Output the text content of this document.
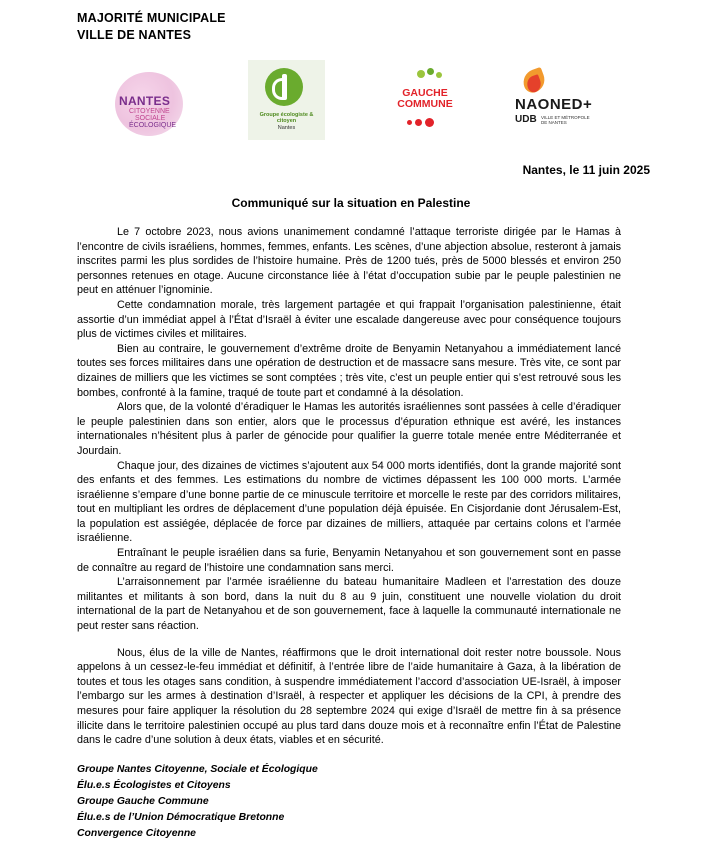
MAJORITÉ MUNICIPALE
VILLE DE NANTES
NANTES
CITOYENNE
SOCIALE
ÉCOLOGIQUE
Groupe écologiste & citoyen
Nantes
GAUCHE COMMUNE	NAONED+
UDB VILLE ET MÉTROPOLE DE NANTES
Nantes, le 11 juin 2025
Communiqué sur la situation en Palestine

Le 7 octobre 2023, nous avions unanimement condamné l’attaque terroriste dirigée par le Hamas à l’encontre de civils israéliens, hommes, femmes, enfants. Les scènes, d’une abjection absolue, resteront à jamais inscrites parmi les plus sordides de l’histoire humaine. Près de 1200 tués, près de 5000 blessés et environ 250 personnes retenues en otage. Aucune circonstance liée à l’état d’occupation subie par le peuple palestinien ne peut en atténuer l’ignominie.

Cette condamnation morale, très largement partagée et qui frappait l’organisation palestinienne, était assortie d’un immédiat appel à l’État d’Israël à éviter une escalade dangereuse avec pour conséquence toujours plus de victimes civiles et militaires.

Bien au contraire, le gouvernement d’extrême droite de Benyamin Netanyahou a immédiatement lancé toutes ses forces militaires dans une opération de destruction et de massacre sans mesure. Très vite, ce sont par dizaines de milliers que les victimes se sont comptées ; très vite, c’est un peuple entier qui s’est retrouvé sous les bombes, confronté à la famine, traqué de toute part et condamné à la désolation.

Alors que, de la volonté d’éradiquer le Hamas les autorités israéliennes sont passées à celle d’éradiquer le peuple palestinien dans son entier, alors que le processus d’épuration ethnique est avéré, les instances internationales n’hésitent plus à parler de génocide pour qualifier la guerre totale menée entre Méditerranée et Jourdain.

Chaque jour, des dizaines de victimes s’ajoutent aux 54 000 morts identifiés, dont la grande majorité sont des enfants et des femmes. Les estimations du nombre de victimes dépassent les 100 000 morts. L’armée israélienne s’empare d’une bonne partie de ce minuscule territoire et morcelle le reste par des corridors militaires, tout en multipliant les ordres de déplacement d’une population déjà épuisée. En Cisjordanie dont Jérusalem-Est, la population est assiégée, déplacée de force par dizaines de milliers, attaquée par certains colons et l’armée israélienne.

Entraînant le peuple israélien dans sa furie, Benyamin Netanyahou et son gouvernement sont en passe de connaître au regard de l’histoire une condamnation sans merci.

L’arraisonnement par l’armée israélienne du bateau humanitaire Madleen et l’arrestation des douze militantes et militants à son bord, dans la nuit du 8 au 9 juin, constituent une nouvelle violation du droit international de la part de Netanyahou et de son gouvernement, face à laquelle la communauté internationale ne peut rester sans réaction.

Nous, élus de la ville de Nantes, réaffirmons que le droit international doit rester notre boussole. Nous appelons à un cessez-le-feu immédiat et définitif, à l’entrée libre de l’aide humanitaire à Gaza, à la libération de toutes et tous les otages sans condition, à suspendre immédiatement l’accord d’association UE-Israël, à imposer l’embargo sur les armes à destination d’Israël, à respecter et appliquer les décisions de la CPI, à prendre des mesures pour faire appliquer la résolution du 28 septembre 2024 qui exige d’Israël de mettre fin à sa présence illicite dans le territoire palestinien occupé au plus tard dans douze mois et à reconnaître enfin l’État de Palestine dans le cadre d’une solution à deux états, viables et en sécurité.

Groupe Nantes Citoyenne, Sociale et Écologique
Élu.e.s Écologistes et Citoyens
Groupe Gauche Commune
Élu.e.s de l’Union Démocratique Bretonne
Convergence Citoyenne
